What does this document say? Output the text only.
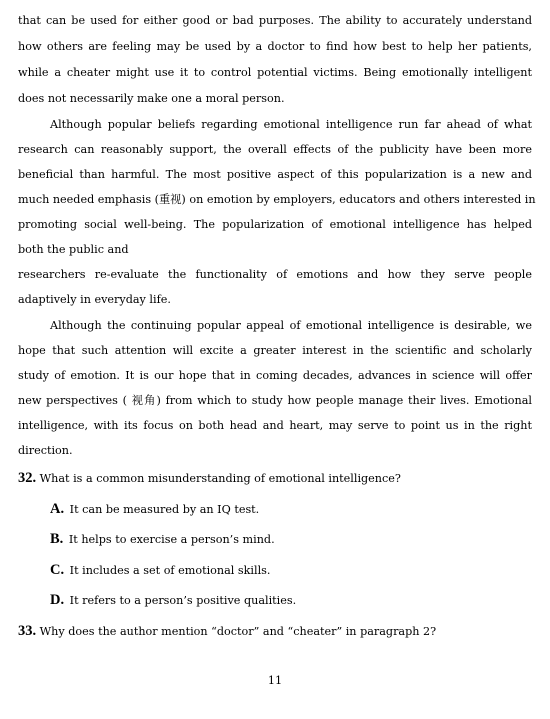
that can be used for either good or bad purposes. The ability to accurately understand
how others are feeling may be used by a doctor to find how best to help her patients,
while a cheater might use it to control potential victims. Being emotionally intelligent
does not necessarily make one a moral person.
Although popular beliefs regarding emotional intelligence run far ahead of what
research can reasonably support, the overall effects of the publicity have been more
beneficial than harmful. The most positive aspect of this popularization is a new and
much needed emphasis (重视) on emotion by employers, educators and others interested in
promoting social well-being. The popularization of emotional intelligence has helped
both the public and
researchers re-evaluate the functionality of emotions and how they serve people
adaptively in everyday life.
Although the continuing popular appeal of emotional intelligence is desirable, we
hope that such attention will excite a greater interest in the scientific and scholarly
study of emotion. It is our hope that in coming decades, advances in science will offer
new perspectives ( 视角) from which to study how people manage their lives. Emotional
intelligence, with its focus on both head and heart, may serve to point us in the right
direction.
32. What is a common misunderstanding of emotional intelligence?
A. It can be measured by an IQ test.
B. It helps to exercise a person’s mind.
C. It includes a set of emotional skills.
D. It refers to a person’s positive qualities.
33. Why does the author mention “doctor” and “cheater” in paragraph 2?
11
